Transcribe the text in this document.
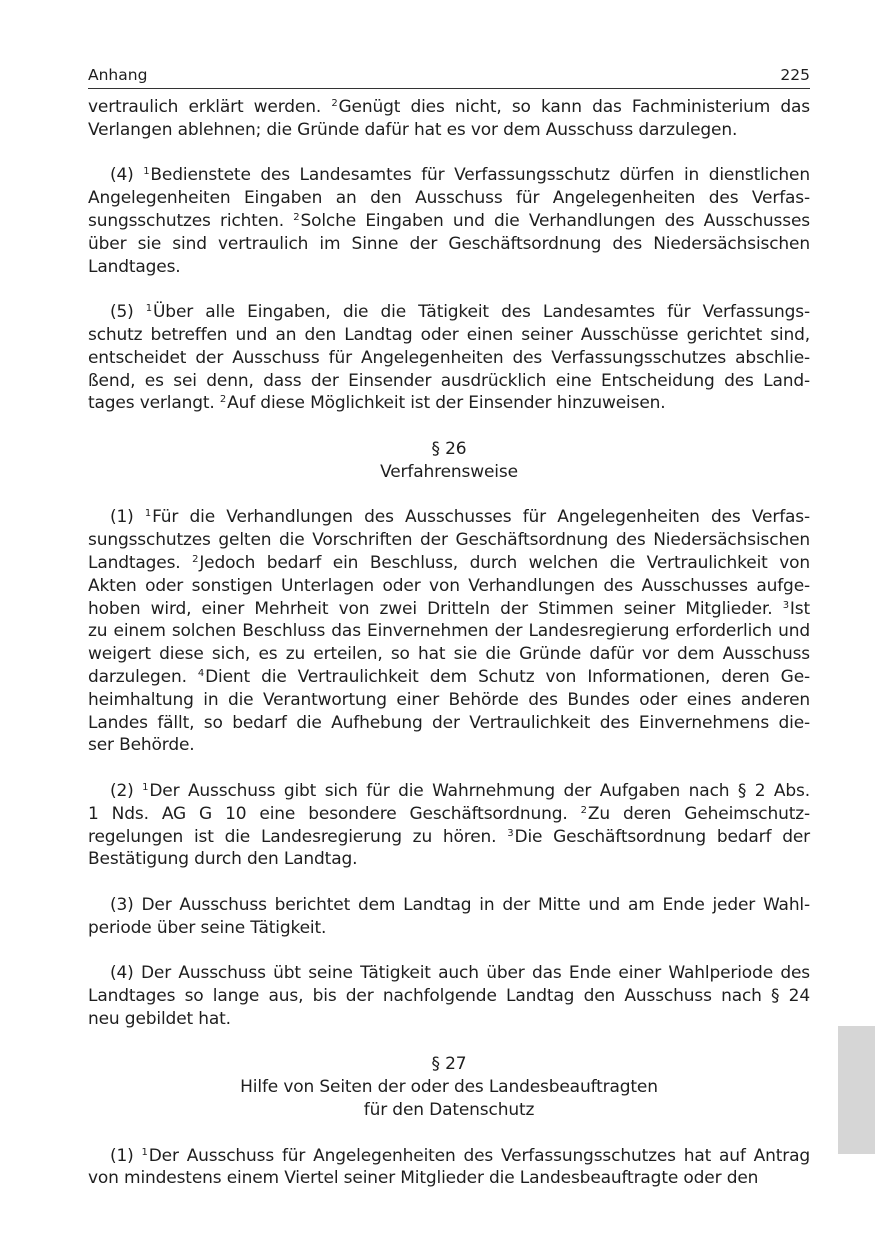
Anhang	225
vertraulich erklärt werden. $^2$Genügt dies nicht, so kann das Fachministerium das
Verlangen ablehnen; die Gründe dafür hat es vor dem Ausschuss darzulegen.
(4) $^1$Bedienstete des Landesamtes für Verfassungsschutz dürfen in dienstlichen
Angelegenheiten Eingaben an den Ausschuss für Angelegenheiten des Verfas-
sungsschutzes richten. $^2$Solche Eingaben und die Verhandlungen des Ausschusses
über sie sind vertraulich im Sinne der Geschäftsordnung des Niedersächsischen
Landtages.
(5) $^1$Über alle Eingaben, die die Tätigkeit des Landesamtes für Verfassungs-
schutz betreffen und an den Landtag oder einen seiner Ausschüsse gerichtet sind,
entscheidet der Ausschuss für Angelegenheiten des Verfassungsschutzes abschlie-
ßend, es sei denn, dass der Einsender ausdrücklich eine Entscheidung des Land-
tages verlangt. $^2$Auf diese Möglichkeit ist der Einsender hinzuweisen.
§ 26
Verfahrensweise
(1) $^1$Für die Verhandlungen des Ausschusses für Angelegenheiten des Verfas-
sungsschutzes gelten die Vorschriften der Geschäftsordnung des Niedersächsischen
Landtages. $^2$Jedoch bedarf ein Beschluss, durch welchen die Vertraulichkeit von
Akten oder sonstigen Unterlagen oder von Verhandlungen des Ausschusses aufge-
hoben wird, einer Mehrheit von zwei Dritteln der Stimmen seiner Mitglieder. $^3$Ist
zu einem solchen Beschluss das Einvernehmen der Landesregierung erforderlich und
weigert diese sich, es zu erteilen, so hat sie die Gründe dafür vor dem Ausschuss
darzulegen. $^4$Dient die Vertraulichkeit dem Schutz von Informationen, deren Ge-
heimhaltung in die Verantwortung einer Behörde des Bundes oder eines anderen
Landes fällt, so bedarf die Aufhebung der Vertraulichkeit des Einvernehmens die-
ser Behörde.
(2) $^1$Der Ausschuss gibt sich für die Wahrnehmung der Aufgaben nach § 2 Abs.
1 Nds. AG G 10 eine besondere Geschäftsordnung. $^2$Zu deren Geheimschutz-
regelungen ist die Landesregierung zu hören. $^3$Die Geschäftsordnung bedarf der
Bestätigung durch den Landtag.
(3) Der Ausschuss berichtet dem Landtag in der Mitte und am Ende jeder Wahl-
periode über seine Tätigkeit.
(4) Der Ausschuss übt seine Tätigkeit auch über das Ende einer Wahlperiode des
Landtages so lange aus, bis der nachfolgende Landtag den Ausschuss nach § 24
neu gebildet hat.
§ 27
Hilfe von Seiten der oder des Landesbeauftragten
für den Datenschutz
(1) $^1$Der Ausschuss für Angelegenheiten des Verfassungsschutzes hat auf Antrag
von mindestens einem Viertel seiner Mitglieder die Landesbeauftragte oder den
